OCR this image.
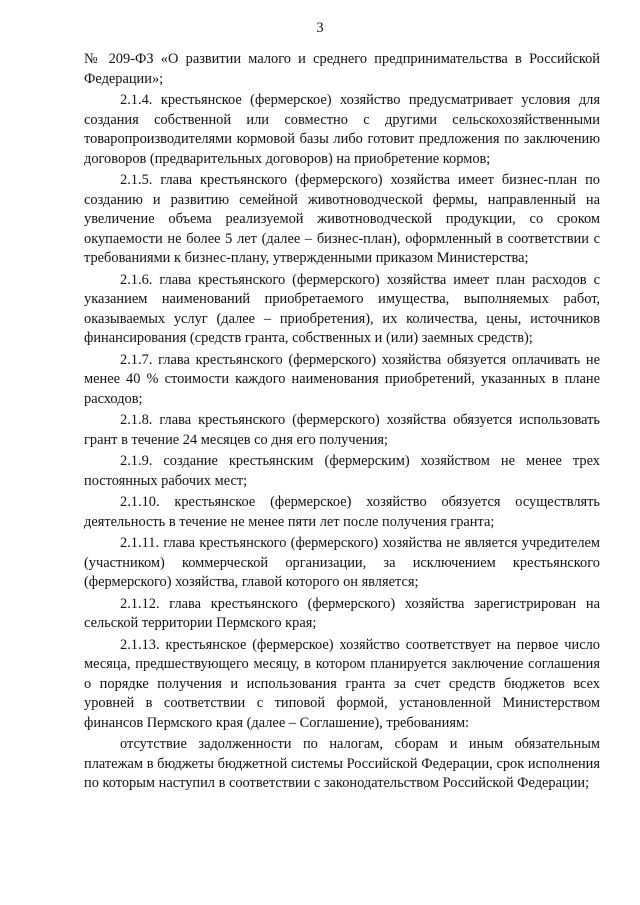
3

№ 209-ФЗ «О развитии малого и среднего предпринимательства в Российской Федерации»;

2.1.4. крестьянское (фермерское) хозяйство предусматривает условия для создания собственной или совместно с другими сельскохозяйственными товаропроизводителями кормовой базы либо готовит предложения по заключению договоров (предварительных договоров) на приобретение кормов;

2.1.5. глава крестьянского (фермерского) хозяйства имеет бизнес-план по созданию и развитию семейной животноводческой фермы, направленный на увеличение объема реализуемой животноводческой продукции, со сроком окупаемости не более 5 лет (далее – бизнес-план), оформленный в соответствии с требованиями к бизнес-плану, утвержденными приказом Министерства;

2.1.6. глава крестьянского (фермерского) хозяйства имеет план расходов с указанием наименований приобретаемого имущества, выполняемых работ, оказываемых услуг (далее – приобретения), их количества, цены, источников финансирования (средств гранта, собственных и (или) заемных средств);

2.1.7. глава крестьянского (фермерского) хозяйства обязуется оплачивать не менее 40 % стоимости каждого наименования приобретений, указанных в плане расходов;

2.1.8. глава крестьянского (фермерского) хозяйства обязуется использовать грант в течение 24 месяцев со дня его получения;

2.1.9. создание крестьянским (фермерским) хозяйством не менее трех постоянных рабочих мест;

2.1.10. крестьянское (фермерское) хозяйство обязуется осуществлять деятельность в течение не менее пяти лет после получения гранта;

2.1.11. глава крестьянского (фермерского) хозяйства не является учредителем (участником) коммерческой организации, за исключением крестьянского (фермерского) хозяйства, главой которого он является;

2.1.12. глава крестьянского (фермерского) хозяйства зарегистрирован на сельской территории Пермского края;

2.1.13. крестьянское (фермерское) хозяйство соответствует на первое число месяца, предшествующего месяцу, в котором планируется заключение соглашения о порядке получения и использования гранта за счет средств бюджетов всех уровней в соответствии с типовой формой, установленной Министерством финансов Пермского края (далее – Соглашение), требованиям:

отсутствие задолженности по налогам, сборам и иным обязательным платежам в бюджеты бюджетной системы Российской Федерации, срок исполнения по которым наступил в соответствии с законодательством Российской Федерации;
